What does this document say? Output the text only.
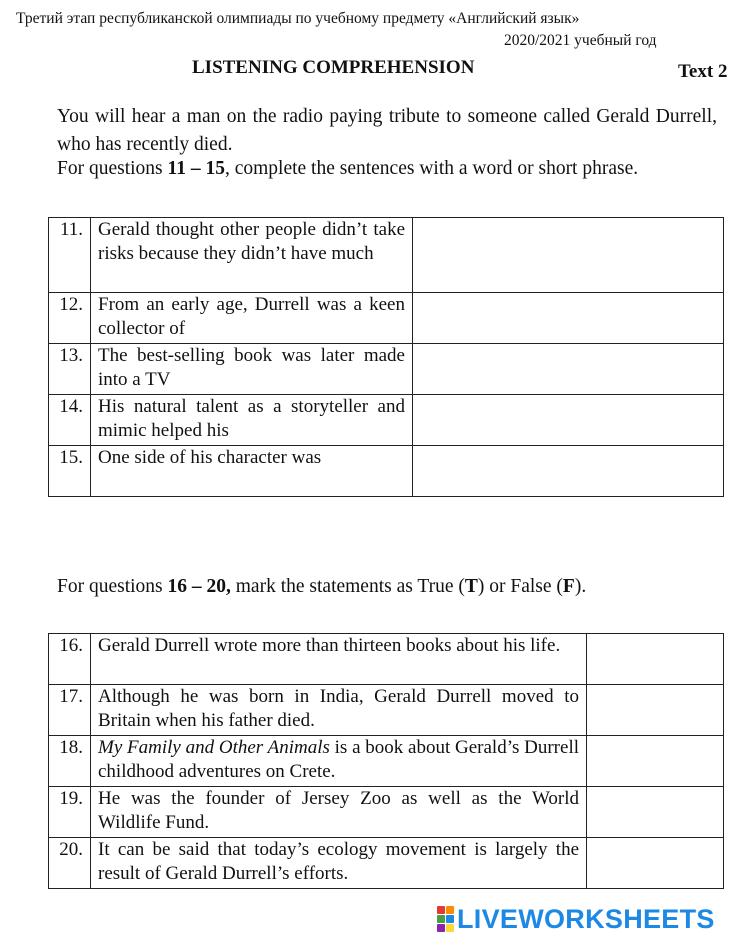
Третий этап республиканской олимпиады по учебному предмету «Английский язык»
2020/2021 учебный год
LISTENING COMPREHENSION	Text 2

You will hear a man on the radio paying tribute to someone called Gerald Durrell, who has recently died.

For questions 11 – 15, complete the sentences with a word or short phrase.
11.	Gerald thought other people didn’t take risks because they didn’t have much	

12.	From an early age, Durrell was a keen collector of	

13.	The best-selling book was later made into a TV	

14.	His natural talent as a storyteller and mimic helped his	

15.	One side of his character was	
For questions 16 – 20, mark the statements as True (T) or False (F).
16.	Gerald Durrell wrote more than thirteen books about his life.	

17.	Although he was born in India, Gerald Durrell moved to Britain when his father died.	

18.	My Family and Other Animals is a book about Gerald’s Durrell childhood adventures on Crete.	

19.	He was the founder of Jersey Zoo as well as the World Wildlife Fund.	

20.	It can be said that today’s ecology movement is largely the result of Gerald Durrell’s efforts.	
LIVEWORKSHEETS
